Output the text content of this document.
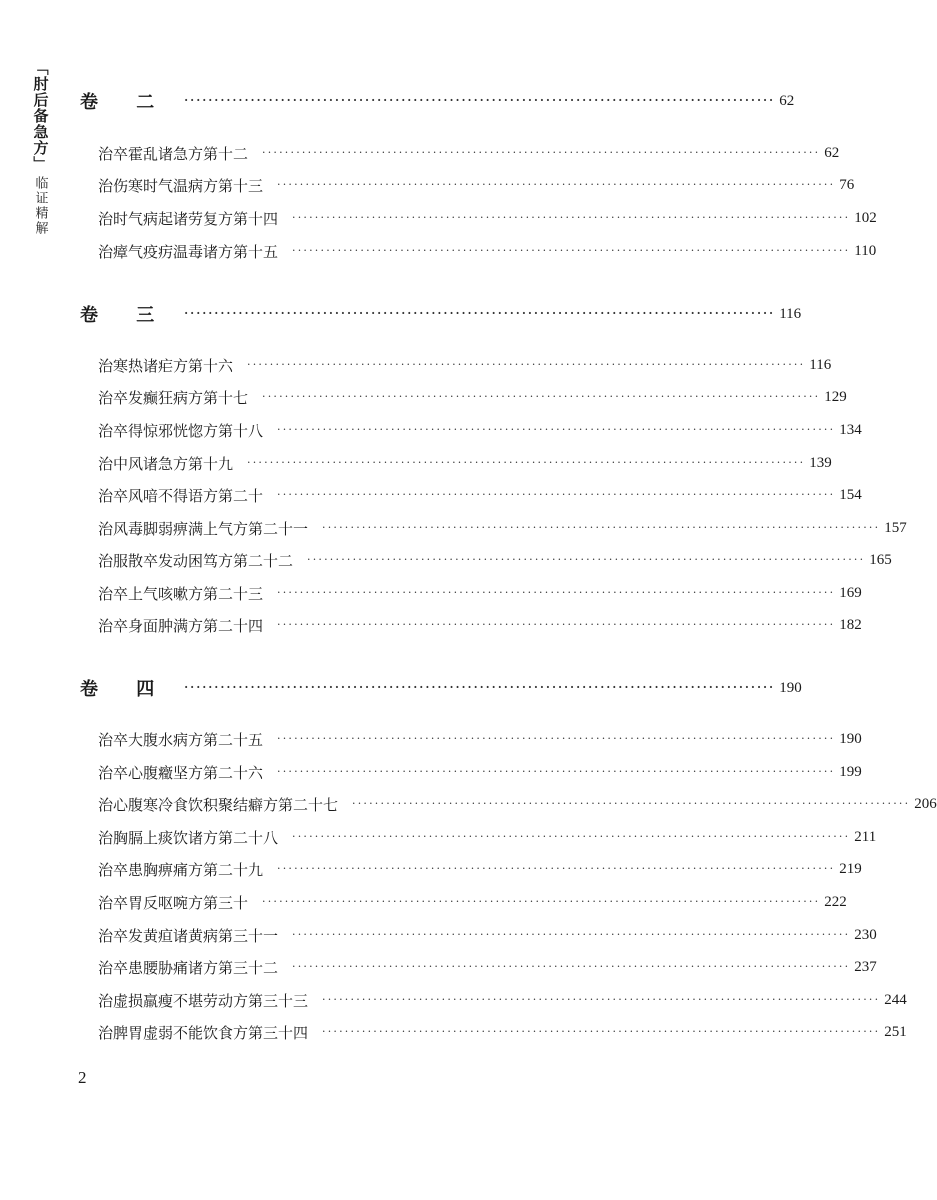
「肘后备急方」
临证精解
卷 二 ·································································································· 62
治卒霍乱诸急方第十二 ·································································································· 62
治伤寒时气温病方第十三 ·································································································· 76
治时气病起诸劳复方第十四 ·································································································· 102
治瘴气疫疠温毒诸方第十五 ·································································································· 110
卷 三 ·································································································· 116
治寒热诸疟方第十六 ·································································································· 116
治卒发癫狂病方第十七 ·································································································· 129
治卒得惊邪恍惚方第十八 ·································································································· 134
治中风诸急方第十九 ·································································································· 139
治卒风喑不得语方第二十 ·································································································· 154
治风毒脚弱痹满上气方第二十一 ·································································································· 157
治服散卒发动困笃方第二十二 ·································································································· 165
治卒上气咳嗽方第二十三 ·································································································· 169
治卒身面肿满方第二十四 ·································································································· 182
卷 四 ·································································································· 190
治卒大腹水病方第二十五 ·································································································· 190
治卒心腹癥坚方第二十六 ·································································································· 199
治心腹寒冷食饮积聚结癖方第二十七 ·································································································· 206
治胸膈上痰饮诸方第二十八 ·································································································· 211
治卒患胸痹痛方第二十九 ·································································································· 219
治卒胃反呕啘方第三十 ·································································································· 222
治卒发黄疸诸黄病第三十一 ·································································································· 230
治卒患腰胁痛诸方第三十二 ·································································································· 237
治虚损羸瘦不堪劳动方第三十三 ·································································································· 244
治脾胃虚弱不能饮食方第三十四 ·································································································· 251
2
